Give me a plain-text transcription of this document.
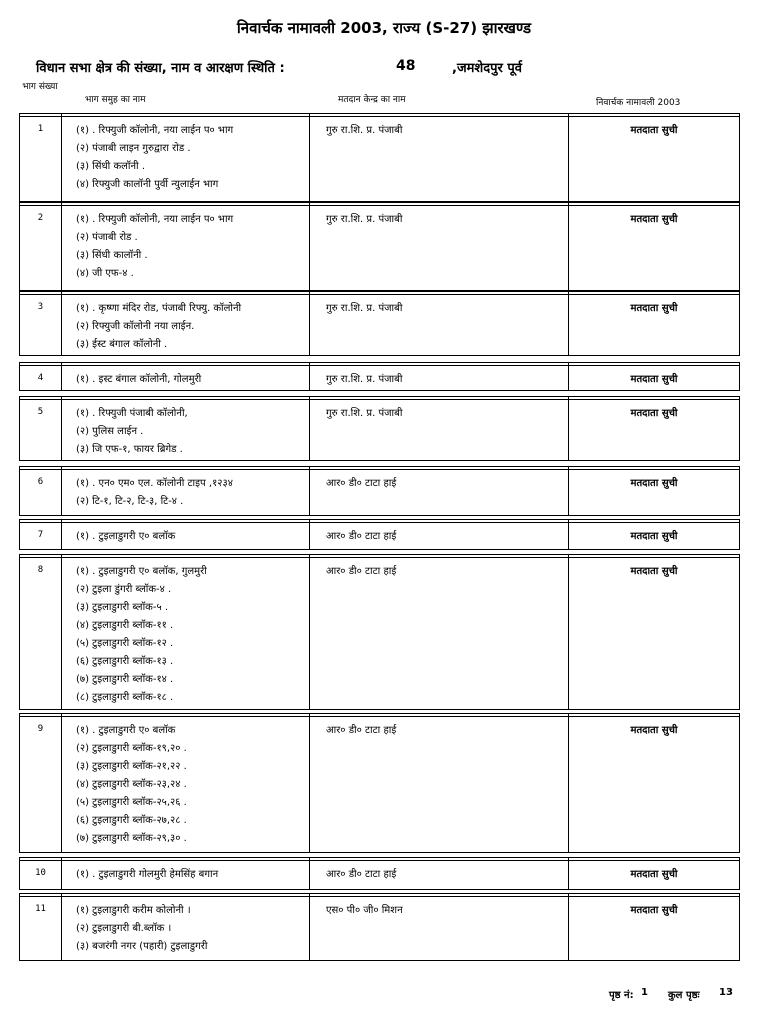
निवार्चक नामावली 2003, राज्य (S-27) झारखण्ड
विधान सभा क्षेत्र की संख्या, नाम व आरक्षण स्थिति :	48	,जमशेदपुर पूर्व
भाग संख्या
भाग समुह का नाम	मतदान केन्द्र का नाम	निवार्चक नामावली 2003
1	(१) . रिफ्युजी कॉलोनी, नया लाईन प० भाग
(२) पंजाबी लाइन गुरुद्वारा रोड .
(३) सिंधी कलॉनी .
(४) रिफ्युजी कालॉनी पुर्वी न्युलाईन भाग
गुरु रा.शि. प्र. पंजाबी	मतदाता सुची
2	(१) . रिफ्युजी कॉलोनी, नया लाईन प० भाग
(२) पंजाबी रोड .
(३) सिंधी कालॉनी .
(४) जी एफ-४ .
गुरु रा.शि. प्र. पंजाबी	मतदाता सुची
3	(१) . कृष्णा मंदिर रोड, पंजाबी रिफ्यु. कॉलोनी
(२) रिफ्युजी कॉलोनी नया लाईन.
(३) ईस्ट बंगाल कॉलोनी .
गुरु रा.शि. प्र. पंजाबी	मतदाता सुची
4	(१) . इस्ट बंगाल कॉलोनी, गोलमुरी	गुरु रा.शि. प्र. पंजाबी	मतदाता सुची
5	(१) . रिफ्युजी पंजाबी कॉलोनी,
(२) पुलिस लाईन .
(३) जि एफ-१, फायर ब्रिगेड .
गुरु रा.शि. प्र. पंजाबी	मतदाता सुची
6	(१) . एन० एम० एल. कॉलोनी टाइप ,१२३४
(२) टि-१, टि-२, टि-३, टि-४ .
आर० डी० टाटा हाई	मतदाता सुची
7	(१) . टुइलाडुगरी ए० बलॉक	आर० डी० टाटा हाई	मतदाता सुची
8	(१) . टुइलाडुगरी ए० बलॉक, गुलमुरी
(२) टुइला डुंगरी ब्लॉक-४ .
(३) टुइलाडुगरी ब्लॉक-५ .
(४) टुइलाडुगरी ब्लॉक-११ .
(५) टुइलाडुगरी ब्लॉक-१२ .
(६) टुइलाडुगरी ब्लॉक-१३ .
(७) टुइलाडुगरी ब्लॉक-१४ .
(८) टुइलाडुगरी ब्लॉक-१८ .
आर० डी० टाटा हाई	मतदाता सुची
9	(१) . टुइलाडुगरी ए० बलॉक
(२) टुइलाडुगरी ब्लॉक-१९,२० .
(३) टुइलाडुगरी ब्लॉक-२१,२२ .
(४) टुइलाडुगरी ब्लॉक-२३,२४ .
(५) टुइलाडुगरी ब्लॉक-२५,२६ .
(६) टुइलाडुगरी ब्लॉक-२७,२८ .
(७) टुइलाडुगरी ब्लॉक-२९,३० .
आर० डी० टाटा हाई	मतदाता सुची
10	(१) . टुइलाडुगरी गोलमुरी हेमसिंह बगान	आर० डी० टाटा हाई	मतदाता सुची
11	(१) टुइलाडुगरी करीम कोलोनी ।
(२) टुइलाडुगरी बी.ब्लॉक ।
(३) बजरंगी नगर (पहारी) टुइलाडुगरी
एस० पी० जी० मिशन	मतदाता सुची
पृष्ठ नं: 1 कुल पृष्ठः 13
